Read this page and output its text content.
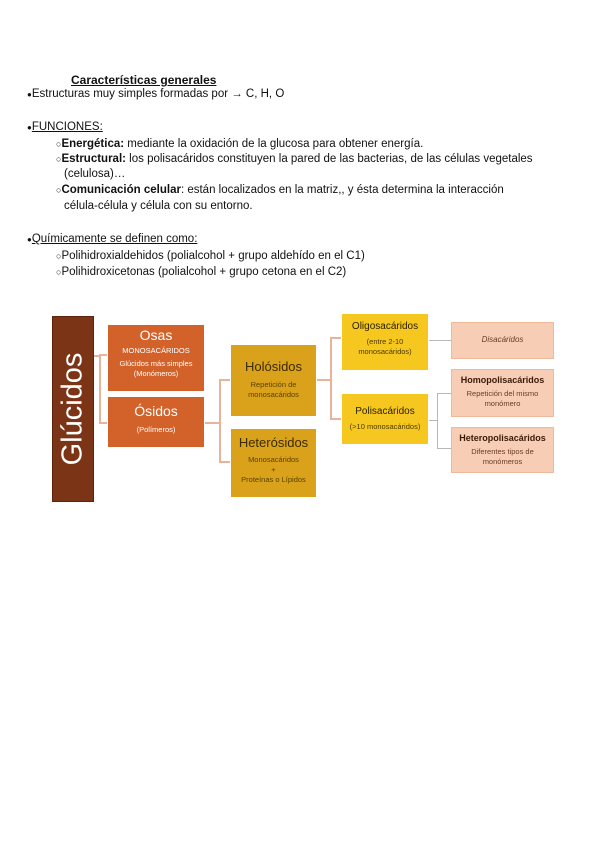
Características generales
●Estructuras muy simples formadas por → C, H, O
●FUNCIONES:
○Energética: mediante la oxidación de la glucosa para obtener energía.
○Estructural: los polisacáridos constituyen la pared de las bacterias, de las células vegetales
(celulosa)…
○Comunicación celular: están localizados en la matriz,, y ésta determina la interacción
célula-célula y célula con su entorno.
●Químicamente se definen como:
○Polihidroxialdehidos (polialcohol + grupo aldehído en el C1)
○Polihidroxicetonas (polialcohol + grupo cetona en el C2)
Glúcidos
Osas
MONOSACÁRIDOS
Glúcidos más simples
(Monómeros)
Ósidos
(Polímeros)
Holósidos
Repetición de
monosacáridos
Heterósidos
Monosacáridos
+
Proteínas o Lípidos
Oligosacáridos
(entre 2-10
monosacáridos)
Polisacáridos
(>10 monosacáridos)
Disacáridos
Homopolisacáridos
Repetición del mismo
monómero
Heteropolisacáridos
Diferentes tipos de
monómeros
